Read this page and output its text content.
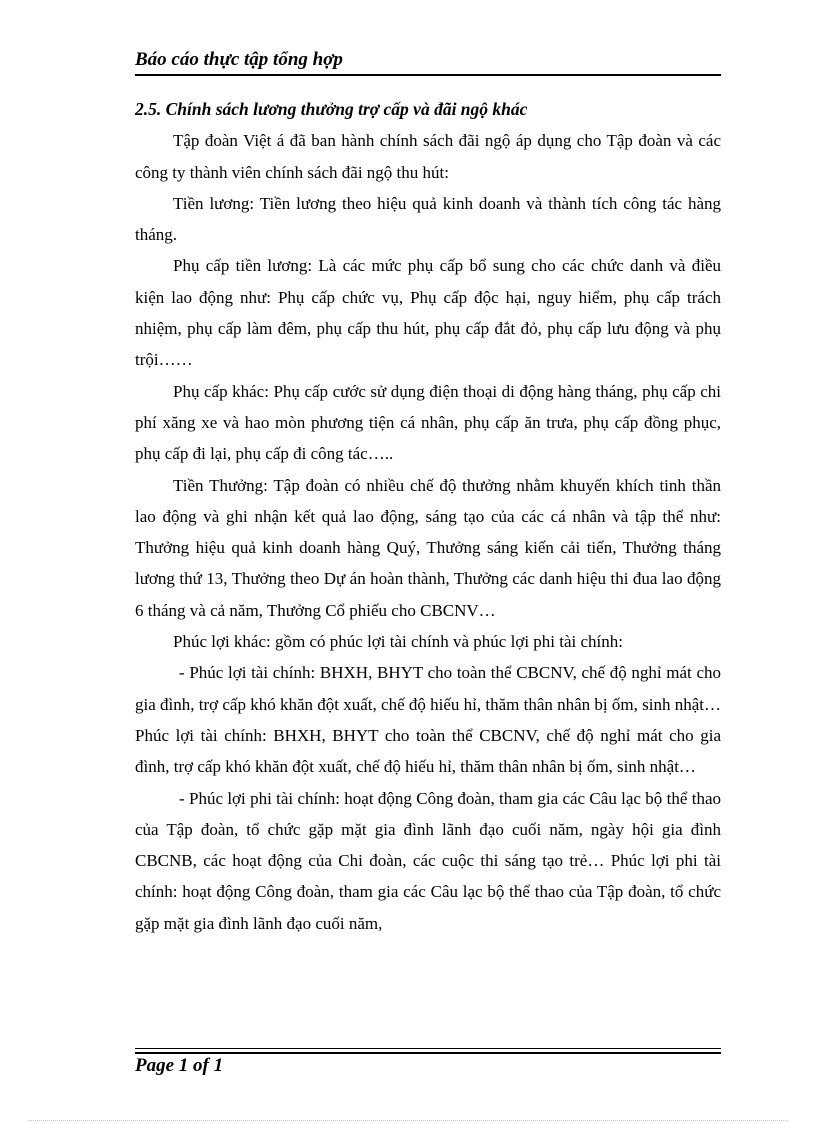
Báo cáo thực tập tổng hợp
2.5. Chính sách lương thưởng trợ cấp và đãi ngộ khác

Tập đoàn Việt á đã ban hành chính sách đãi ngộ áp dụng cho Tập đoàn và các công ty thành viên chính sách đãi ngộ thu hút:

Tiền lương: Tiền lương theo hiệu quả kinh doanh và thành tích công tác hàng tháng.

Phụ cấp tiền lương: Là các mức phụ cấp bổ sung cho các chức danh và điều kiện lao động như: Phụ cấp chức vụ, Phụ cấp độc hại, nguy hiểm, phụ cấp trách nhiệm, phụ cấp làm đêm, phụ cấp thu hút, phụ cấp đắt đỏ, phụ cấp lưu động và phụ trội……

Phụ cấp khác: Phụ cấp cước sử dụng điện thoại di động hàng tháng, phụ cấp chi phí xăng xe và hao mòn phương tiện cá nhân, phụ cấp ăn trưa, phụ cấp đồng phục, phụ cấp đi lại, phụ cấp đi công tác…..

Tiền Thưởng: Tập đoàn có nhiều chế độ thưởng nhằm khuyến khích tinh thần lao động và ghi nhận kết quả lao động, sáng tạo của các cá nhân và tập thể như: Thưởng hiệu quả kinh doanh hàng Quý, Thưởng sáng kiến cải tiến, Thưởng tháng lương thứ 13, Thưởng theo Dự án hoàn thành, Thưởng các danh hiệu thi đua lao động 6 tháng và cả năm, Thưởng Cổ phiếu cho CBCNV…

Phúc lợi khác: gồm có phúc lợi tài chính và phúc lợi phi tài chính:

- Phúc lợi tài chính: BHXH, BHYT cho toàn thể CBCNV, chế độ nghỉ mát cho gia đình, trợ cấp khó khăn đột xuất, chế độ hiếu hỉ, thăm thân nhân bị ốm, sinh nhật… Phúc lợi tài chính: BHXH, BHYT cho toàn thể CBCNV, chế độ nghỉ mát cho gia đình, trợ cấp khó khăn đột xuất, chế độ hiếu hỉ, thăm thân nhân bị ốm, sinh nhật…

- Phúc lợi phi tài chính: hoạt động Công đoàn, tham gia các Câu lạc bộ thể thao của Tập đoàn, tổ chức gặp mặt gia đình lãnh đạo cuối năm, ngày hội gia đình CBCNB, các hoạt động của Chi đoàn, các cuộc thi sáng tạo trẻ… Phúc lợi phi tài chính: hoạt động Công đoàn, tham gia các Câu lạc bộ thể thao của Tập đoàn, tổ chức gặp mặt gia đình lãnh đạo cuối năm,

Page 1 of 1
